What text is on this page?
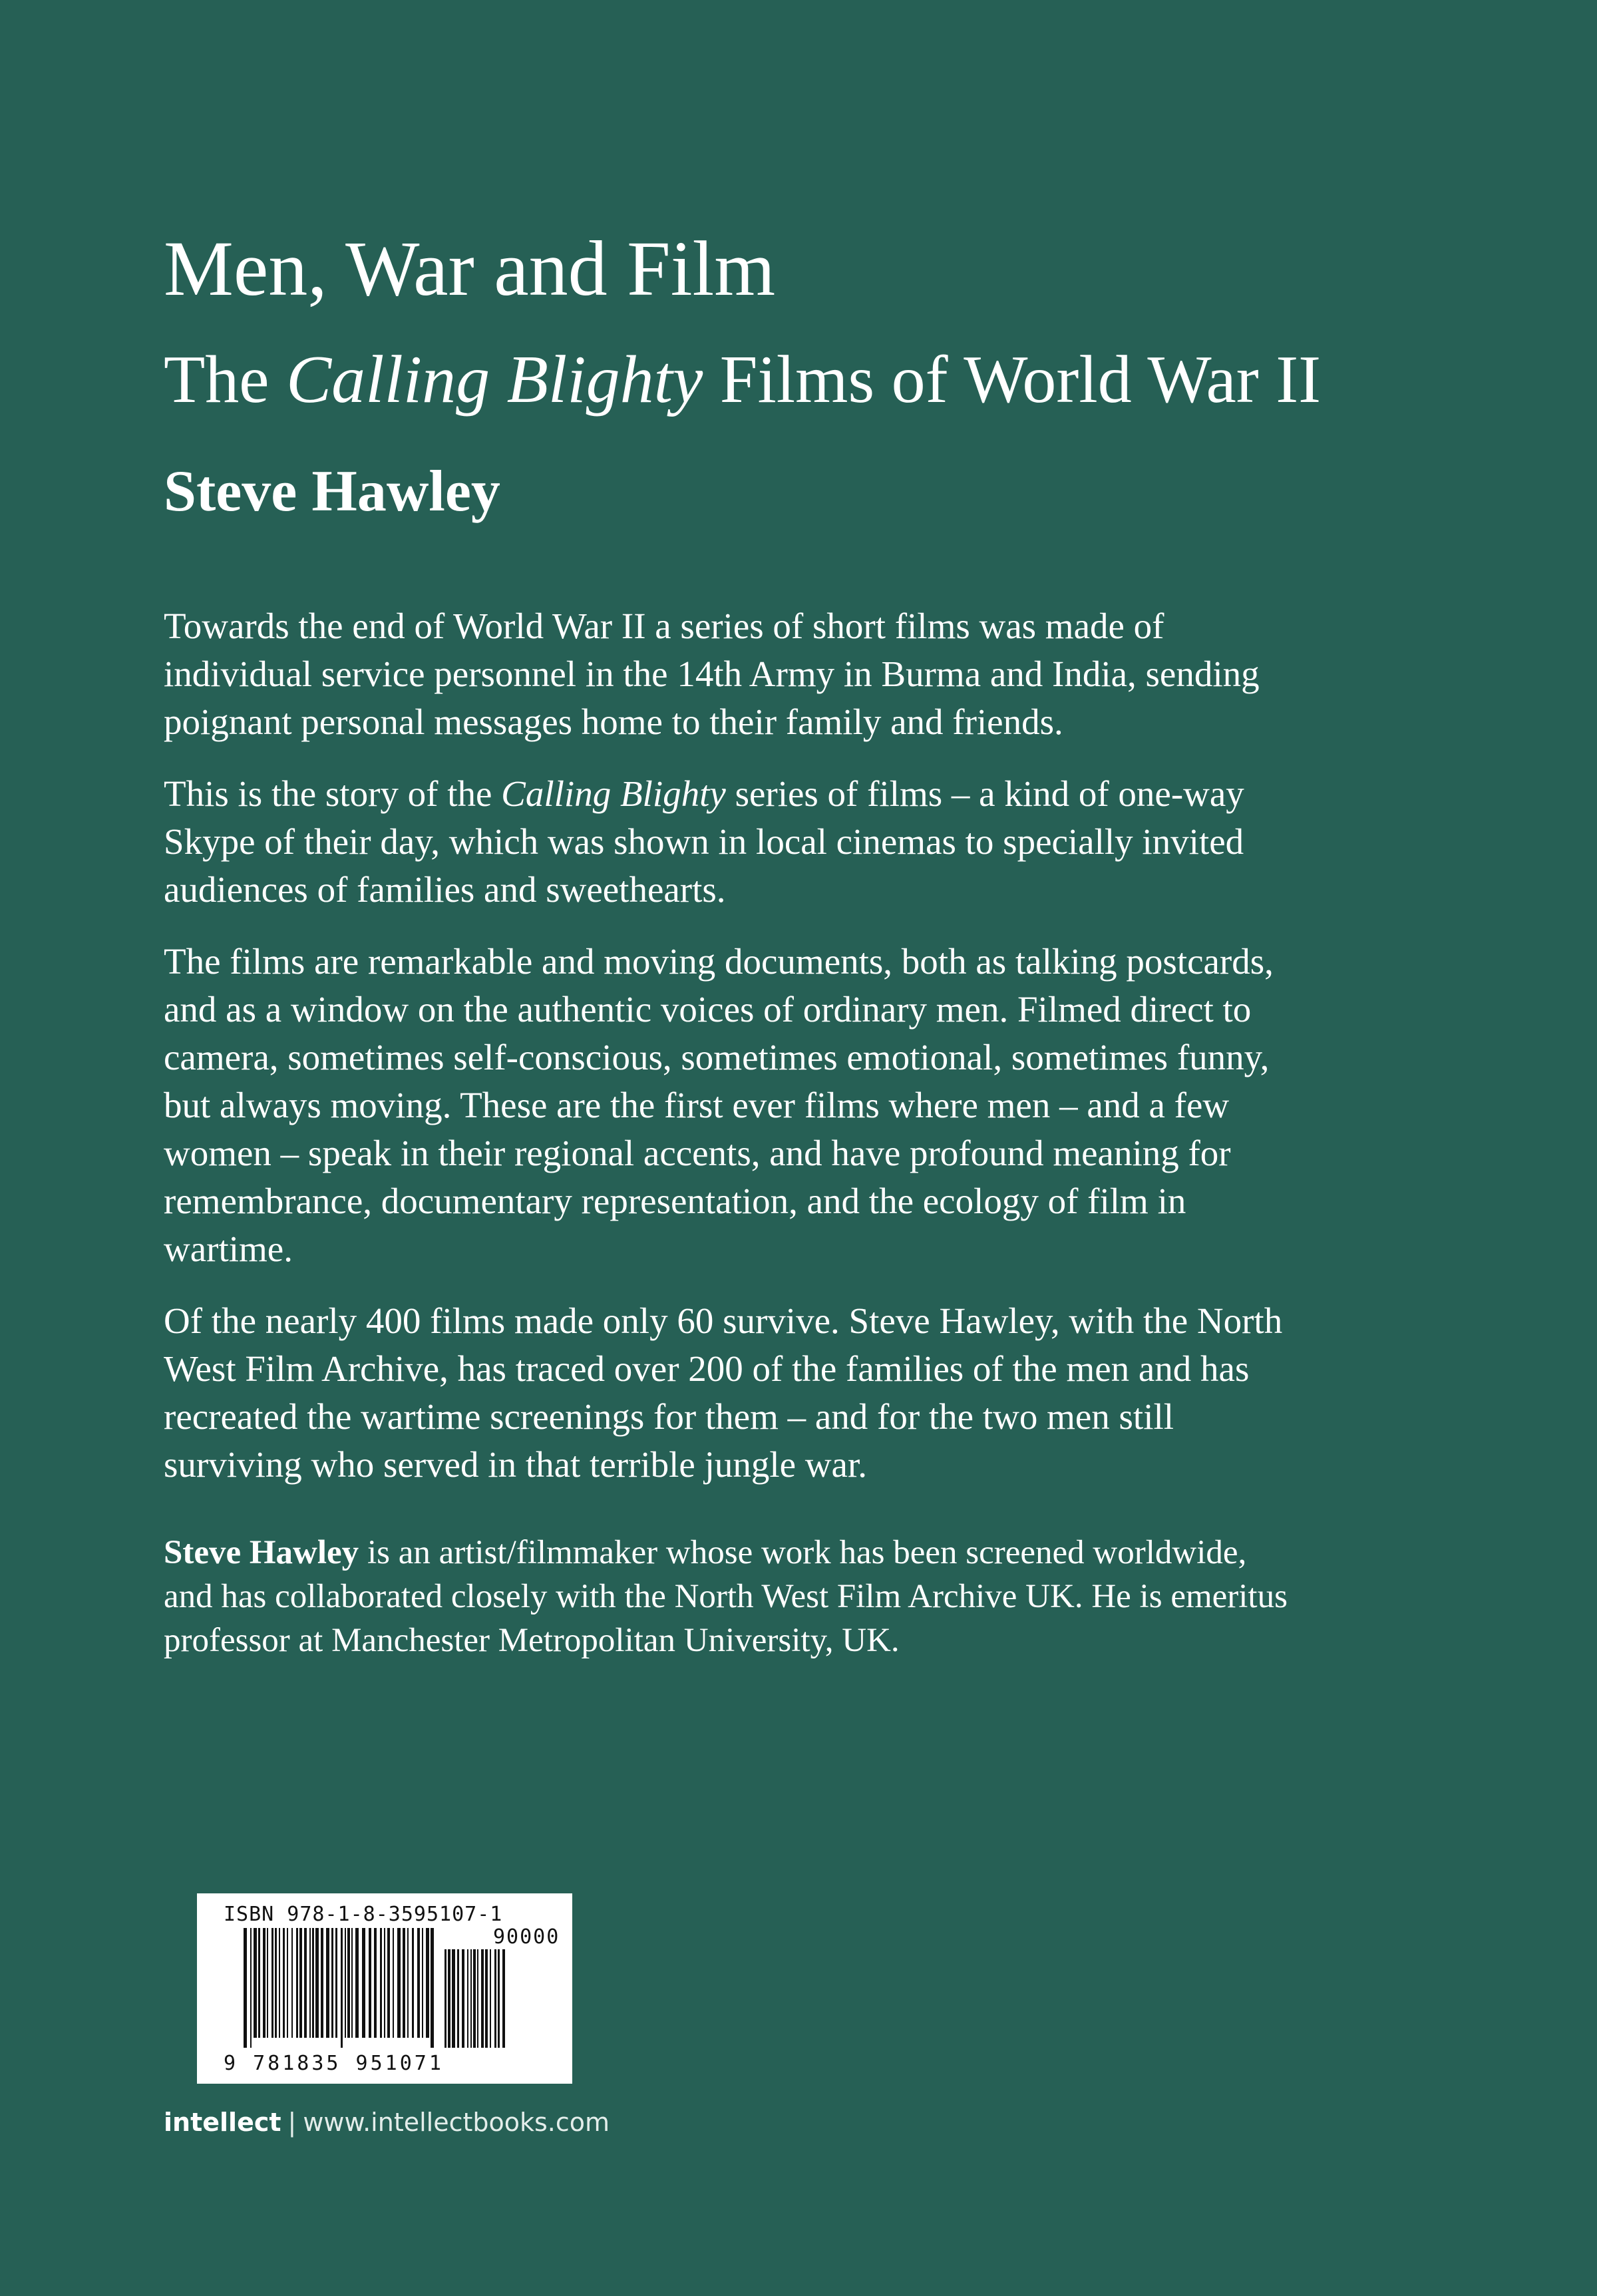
Men, War and Film
The Calling Blighty Films of World War II
Steve Hawley

Towards the end of World War II a series of short films was made of individual service personnel in the 14th Army in Burma and India, sending poignant personal messages home to their family and friends.

This is the story of the Calling Blighty series of films – a kind of one-way Skype of their day, which was shown in local cinemas to specially invited audiences of families and sweethearts.

The films are remarkable and moving documents, both as talking postcards, and as a window on the authentic voices of ordinary men. Filmed direct to camera, sometimes self-conscious, sometimes emotional, sometimes funny, but always moving. These are the first ever films where men – and a few women – speak in their regional accents, and have profound meaning for remembrance, documentary representation, and the ecology of film in wartime.

Of the nearly 400 films made only 60 survive. Steve Hawley, with the North West Film Archive, has traced over 200 of the families of the men and has recreated the wartime screenings for them – and for the two men still surviving who served in that terrible jungle war.

Steve Hawley is an artist/filmmaker whose work has been screened worldwide, and has collaborated closely with the North West Film Archive UK. He is emeritus professor at Manchester Metropolitan University, UK.

ISBN 978-1-8-3595107-1
90000
9 781835 951071
intellect | www.intellectbooks.com
